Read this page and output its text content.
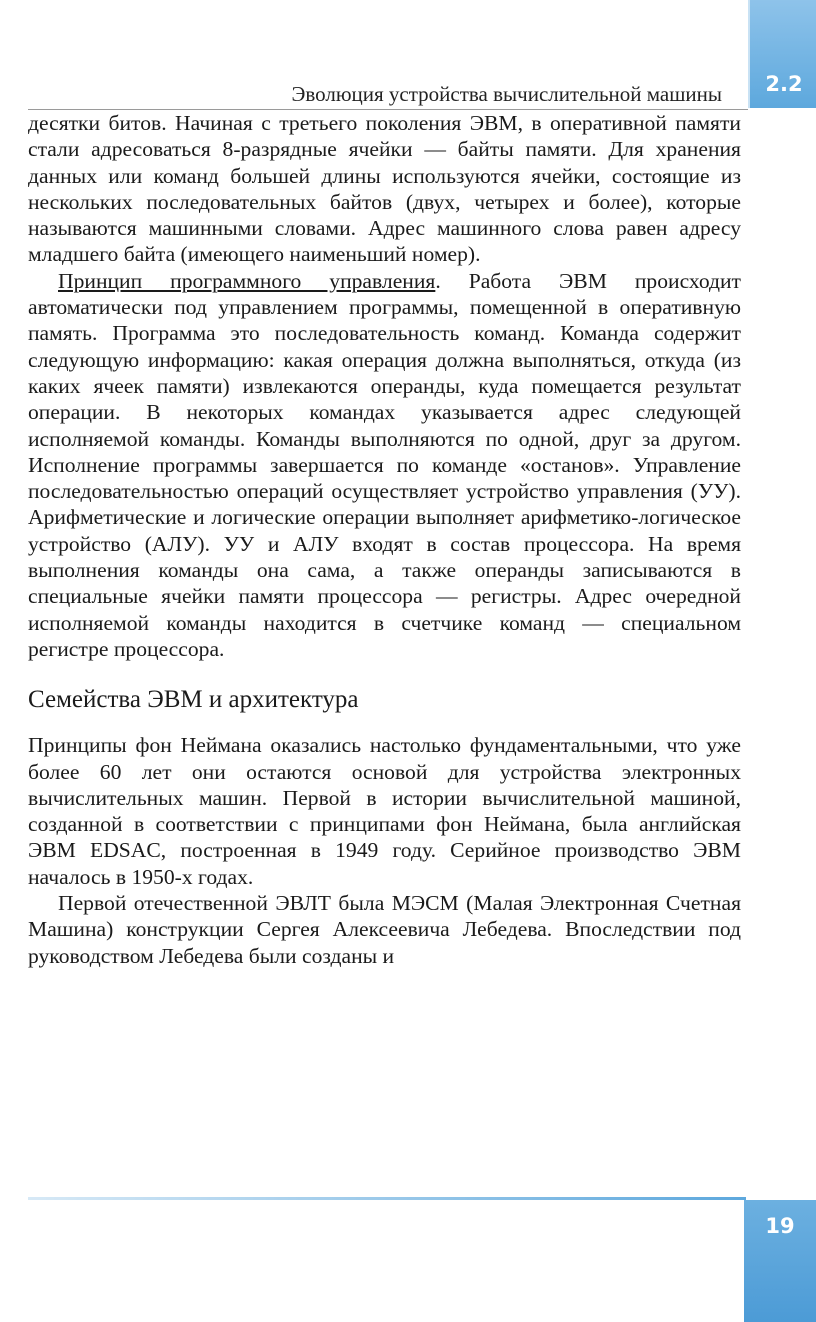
2.2
Эволюция устройства вычислительной машины

десятки битов. Начиная с третьего поколения ЭВМ, в оперативной памяти стали адресоваться 8-разрядные ячейки — байты памяти. Для хранения данных или команд большей длины используются ячейки, состоящие из нескольких последовательных байтов (двух, четырех и более), которые называются машинными словами. Адрес машинного слова равен адресу младшего байта (имеющего наименьший номер).

Принцип программного управления. Работа ЭВМ происходит автоматически под управлением программы, помещенной в оперативную память. Программа это последовательность команд. Команда содержит следующую информацию: какая операция должна выполняться, откуда (из каких ячеек памяти) извлекаются операнды, куда помещается результат операции. В некоторых командах указывается адрес следующей исполняемой команды. Команды выполняются по одной, друг за другом. Исполнение программы завершается по команде «останов». Управление последовательностью операций осуществляет устройство управления (УУ). Арифметические и логические операции выполняет арифметико-логическое устройство (АЛУ). УУ и АЛУ входят в состав процессора. На время выполнения команды она сама, а также операнды записываются в специальные ячейки памяти процессора — регистры. Адрес очередной исполняемой команды находится в счетчике команд — специальном регистре процессора.

Семейства ЭВМ и архитектура

Принципы фон Неймана оказались настолько фундаментальными, что уже более 60 лет они остаются основой для устройства электронных вычислительных машин. Первой в истории вычислительной машиной, созданной в соответствии с принципами фон Неймана, была английская ЭВМ EDSAC, построенная в 1949 году. Серийное производство ЭВМ началось в 1950-х годах.

Первой отечественной ЭВЛТ была МЭСМ (Малая Электронная Счетная Машина) конструкции Сергея Алексеевича Лебедева. Впоследствии под руководством Лебедева были созданы и

19
